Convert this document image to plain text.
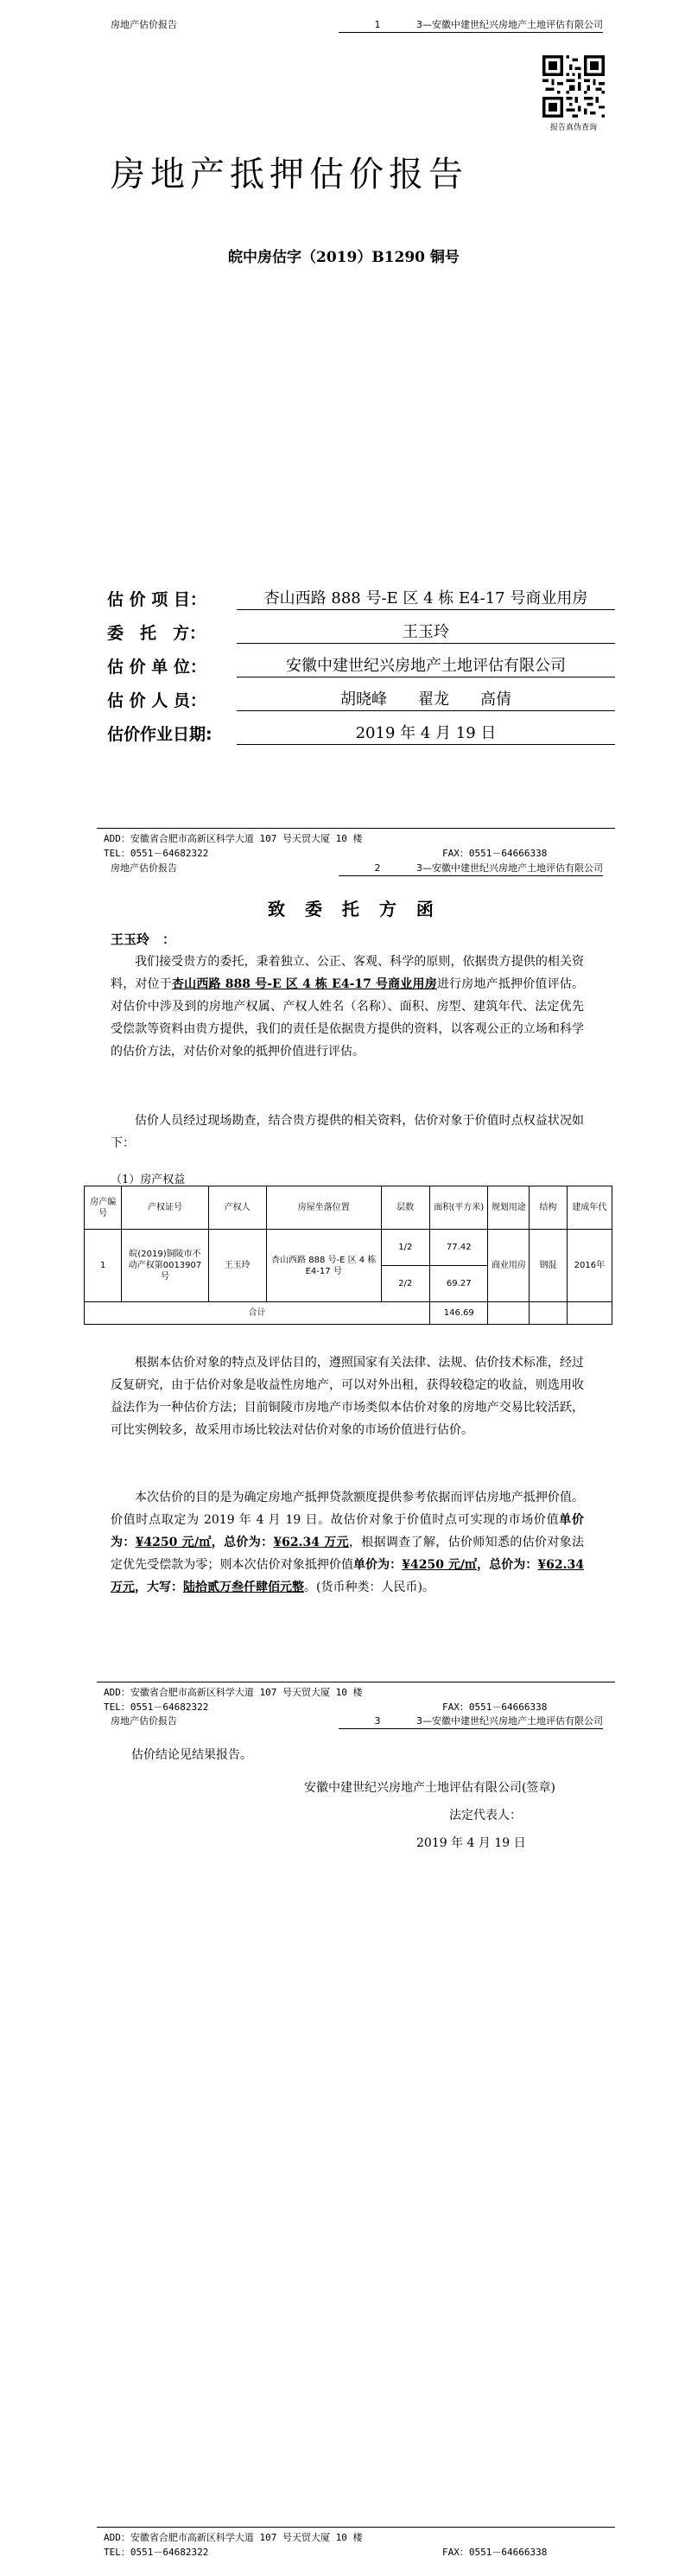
房地产估价报告	1	3—安徽中建世纪兴房地产土地评估有限公司
报告真伪查询
房地产抵押估价报告
皖中房估字（2019）B1290 铜号
估 价 项 目：	杏山西路 888 号-E 区 4 栋 E4-17 号商业用房
委　托　方：	王玉玲
估 价 单 位：	安徽中建世纪兴房地产土地评估有限公司
估 价 人 员：	胡晓峰　　翟龙　　高倩
估价作业日期:	2019 年 4 月 19 日
ADD：安徽省合肥市高新区科学大道 107 号天贸大厦 10 楼
TEL：0551－64682322	FAX：0551－64666338
房地产估价报告	2	3—安徽中建世纪兴房地产土地评估有限公司
致 委 托 方 函
王玉玲　：
我们接受贵方的委托，秉着独立、公正、客观、科学的原则，依据贵方提供的相关资料，对位于杏山西路 888 号-E 区 4 栋 E4-17 号商业用房进行房地产抵押价值评估。对估价中涉及到的房地产权属、产权人姓名（名称）、面积、房型、建筑年代、法定优先受偿款等资料由贵方提供，我们的责任是依据贵方提供的资料，以客观公正的立场和科学的估价方法，对估价对象的抵押价值进行评估。
估价人员经过现场勘查，结合贵方提供的相关资料，估价对象于价值时点权益状况如下：
（1）房产权益
房产编号	产权证号	产权人	房屋坐落位置	层数	面积(平方米)	规划用途	结构	建成年代
1	皖(2019)铜陵市不动产权第0013907号	王玉玲	杏山西路 888 号-E 区 4 栋 E4-17 号	1/2	77.42	商业用房	钢混	2016年
				2/2	69.27			
合计					146.69			
根据本估价对象的特点及评估目的，遵照国家有关法律、法规、估价技术标准，经过反复研究，由于估价对象是收益性房地产，可以对外出租，获得较稳定的收益，则选用收益法作为一种估价方法；目前铜陵市房地产市场类似本估价对象的房地产交易比较活跃，可比实例较多，故采用市场比较法对估价对象的市场价值进行估价。
本次估价的目的是为确定房地产抵押贷款额度提供参考依据而评估房地产抵押价值。价值时点取定为 2019 年 4 月 19 日。故估价对象于价值时点可实现的市场价值单价为：¥4250 元/㎡，总价为：¥62.34 万元，根据调查了解，估价师知悉的估价对象法定优先受偿款为零；则本次估价对象抵押价值单价为：¥4250 元/㎡，总价为：¥62.34 万元，大写：陆拾贰万叁仟肆佰元整。(货币种类：人民币)。
ADD：安徽省合肥市高新区科学大道 107 号天贸大厦 10 楼
TEL：0551－64682322	FAX：0551－64666338
房地产估价报告	3	3—安徽中建世纪兴房地产土地评估有限公司
估价结论见结果报告。
安徽中建世纪兴房地产土地评估有限公司(签章)
法定代表人：
2019 年 4 月 19 日
ADD：安徽省合肥市高新区科学大道 107 号天贸大厦 10 楼
TEL：0551－64682322	FAX：0551－64666338
